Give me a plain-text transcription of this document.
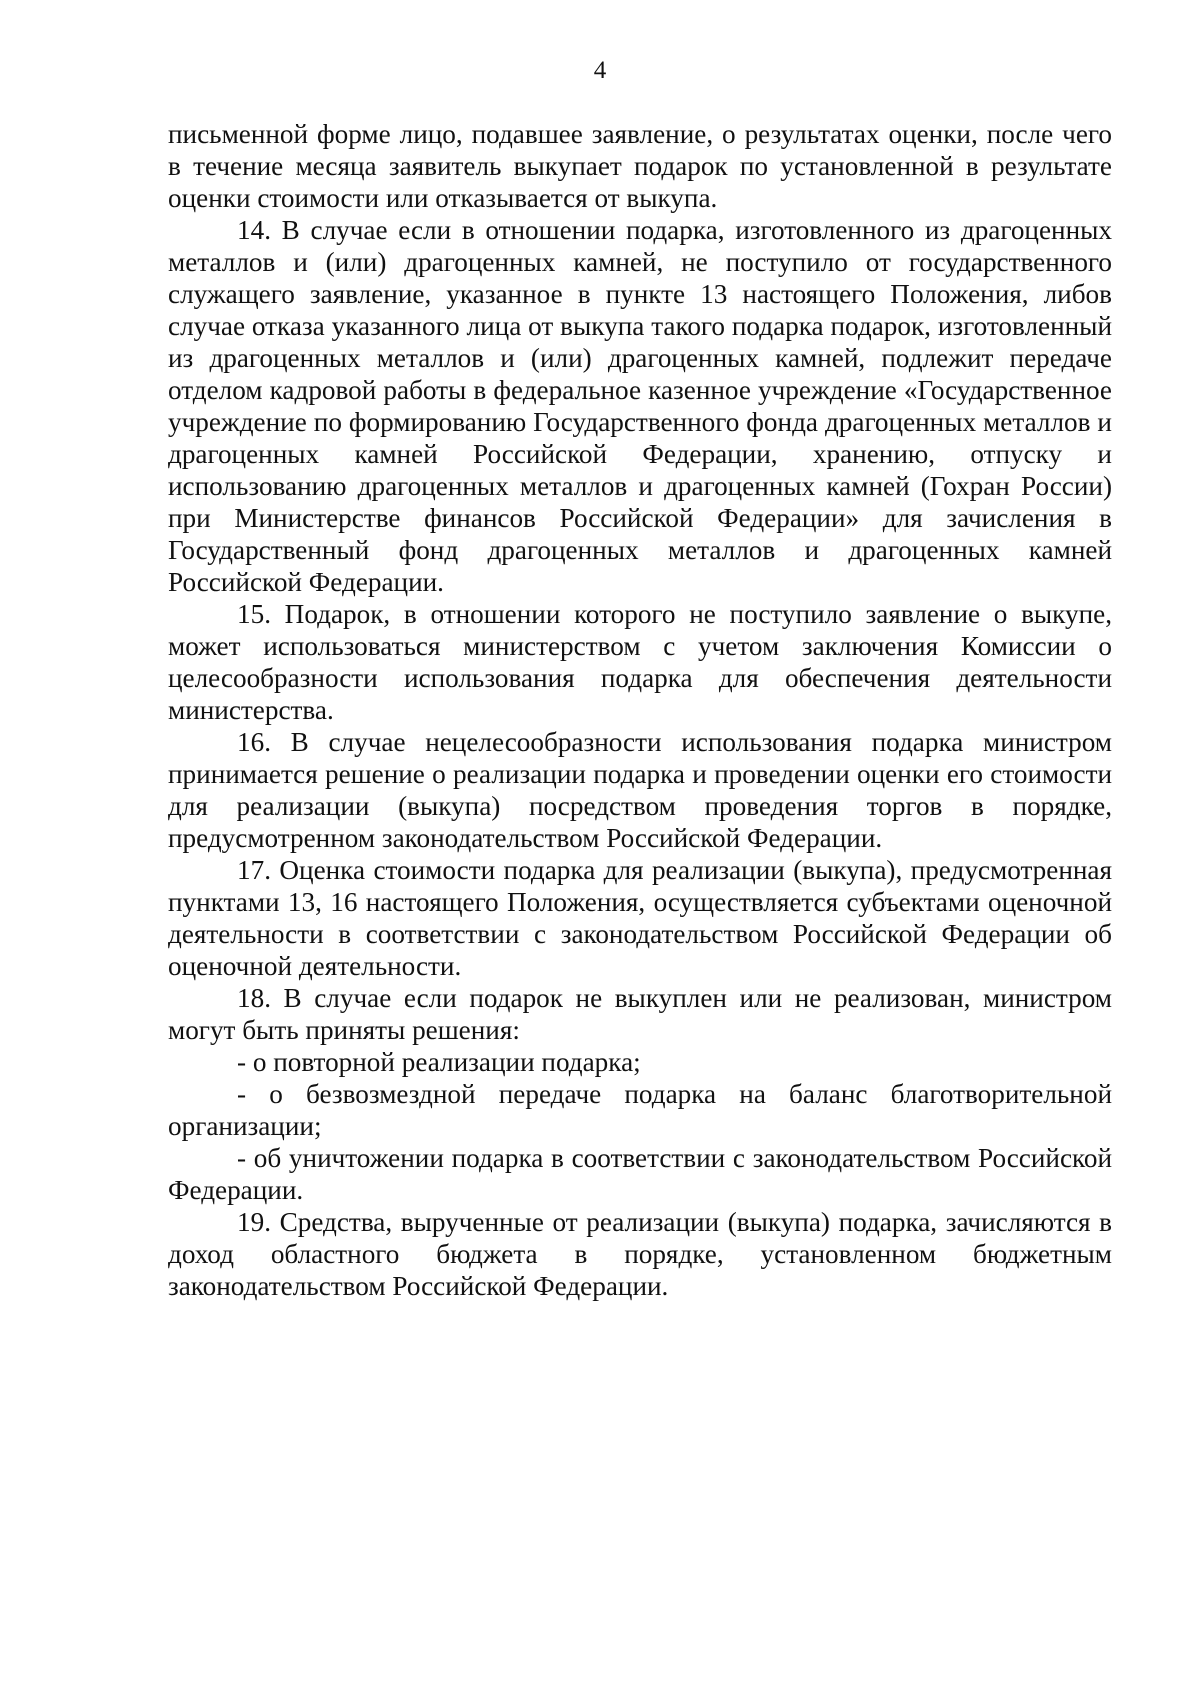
4

письменной форме лицо, подавшее заявление, о результатах оценки, после чего в течение месяца заявитель выкупает подарок по установленной в результате оценки стоимости или отказывается от выкупа.

14. В случае если в отношении подарка, изготовленного из драгоценных металлов и (или) драгоценных камней, не поступило от государственного служащего заявление, указанное в пункте 13 настоящего Положения, либов случае отказа указанного лица от выкупа такого подарка подарок, изготовленный из драгоценных металлов и (или) драгоценных камней, подлежит передаче отделом кадровой работы в федеральное казенное учреждение «Государственное учреждение по формированию Государственного фонда драгоценных металлов и драгоценных камней Российской Федерации, хранению, отпуску и использованию драгоценных металлов и драгоценных камней (Гохран России) при Министерстве финансов Российской Федерации» для зачисления в Государственный фонд драгоценных металлов и драгоценных камней Российской Федерации.

15. Подарок, в отношении которого не поступило заявление о выкупе, может использоваться министерством с учетом заключения Комиссии о целесообразности использования подарка для обеспечения деятельности министерства.

16. В случае нецелесообразности использования подарка министром принимается решение о реализации подарка и проведении оценки его стоимости для реализации (выкупа) посредством проведения торгов в порядке, предусмотренном законодательством Российской Федерации.

17. Оценка стоимости подарка для реализации (выкупа), предусмотренная пунктами 13, 16 настоящего Положения, осуществляется субъектами оценочной деятельности в соответствии с законодательством Российской Федерации об оценочной деятельности.

18. В случае если подарок не выкуплен или не реализован, министром могут быть приняты решения:

- о повторной реализации подарка;

- о безвозмездной передаче подарка на баланс благотворительной организации;

- об уничтожении подарка в соответствии с законодательством Российской Федерации.

19. Средства, вырученные от реализации (выкупа) подарка, зачисляются в доход областного бюджета в порядке, установленном бюджетным законодательством Российской Федерации.
